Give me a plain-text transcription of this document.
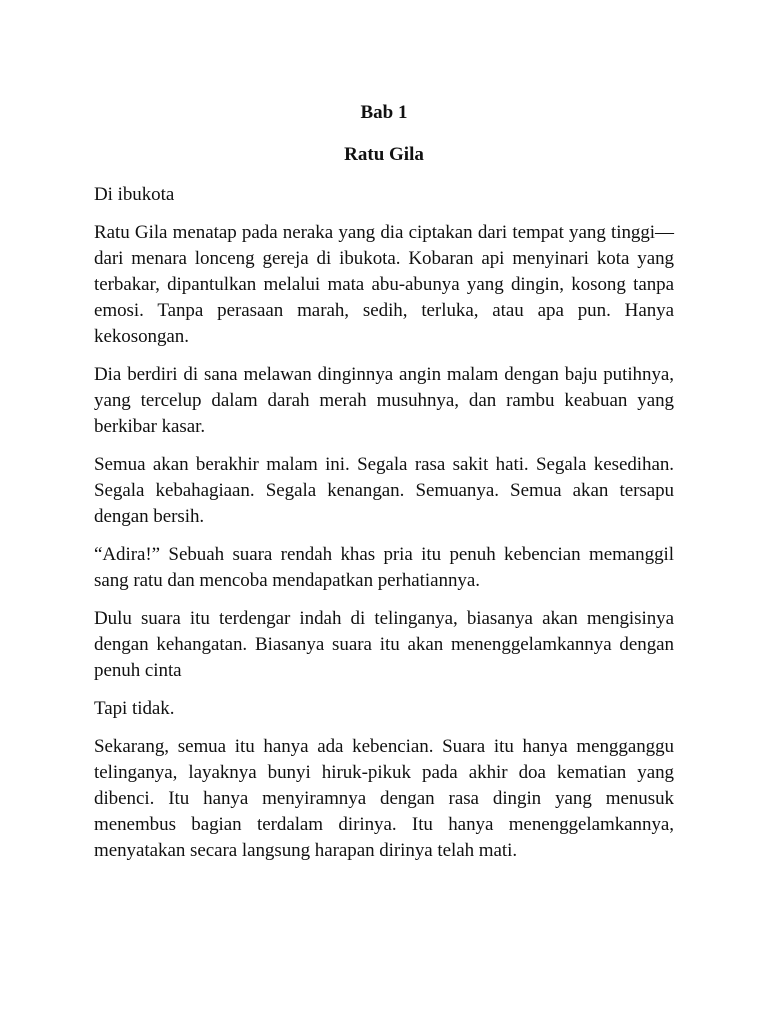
Bab 1
Ratu Gila

Di ibukota

Ratu Gila menatap pada neraka yang dia ciptakan dari tempat yang tinggi—dari menara lonceng gereja di ibukota. Kobaran api menyinari kota yang terbakar, dipantulkan melalui mata abu-abunya yang dingin, kosong tanpa emosi. Tanpa perasaan marah, sedih, terluka, atau apa pun. Hanya kekosongan.

Dia berdiri di sana melawan dinginnya angin malam dengan baju putihnya, yang tercelup dalam darah merah musuhnya, dan rambu keabuan yang berkibar kasar.

Semua akan berakhir malam ini. Segala rasa sakit hati. Segala kesedihan. Segala kebahagiaan. Segala kenangan. Semuanya. Semua akan tersapu dengan bersih.

“Adira!” Sebuah suara rendah khas pria itu penuh kebencian memanggil sang ratu dan mencoba mendapatkan perhatiannya.

Dulu suara itu terdengar indah di telinganya, biasanya akan mengisinya dengan kehangatan. Biasanya suara itu akan menenggelamkannya dengan penuh cinta

Tapi tidak.

Sekarang, semua itu hanya ada kebencian. Suara itu hanya mengganggu telinganya, layaknya bunyi hiruk-pikuk pada akhir doa kematian yang dibenci. Itu hanya menyiramnya dengan rasa dingin yang menusuk menembus bagian terdalam dirinya. Itu hanya menenggelamkannya, menyatakan secara langsung harapan dirinya telah mati.
